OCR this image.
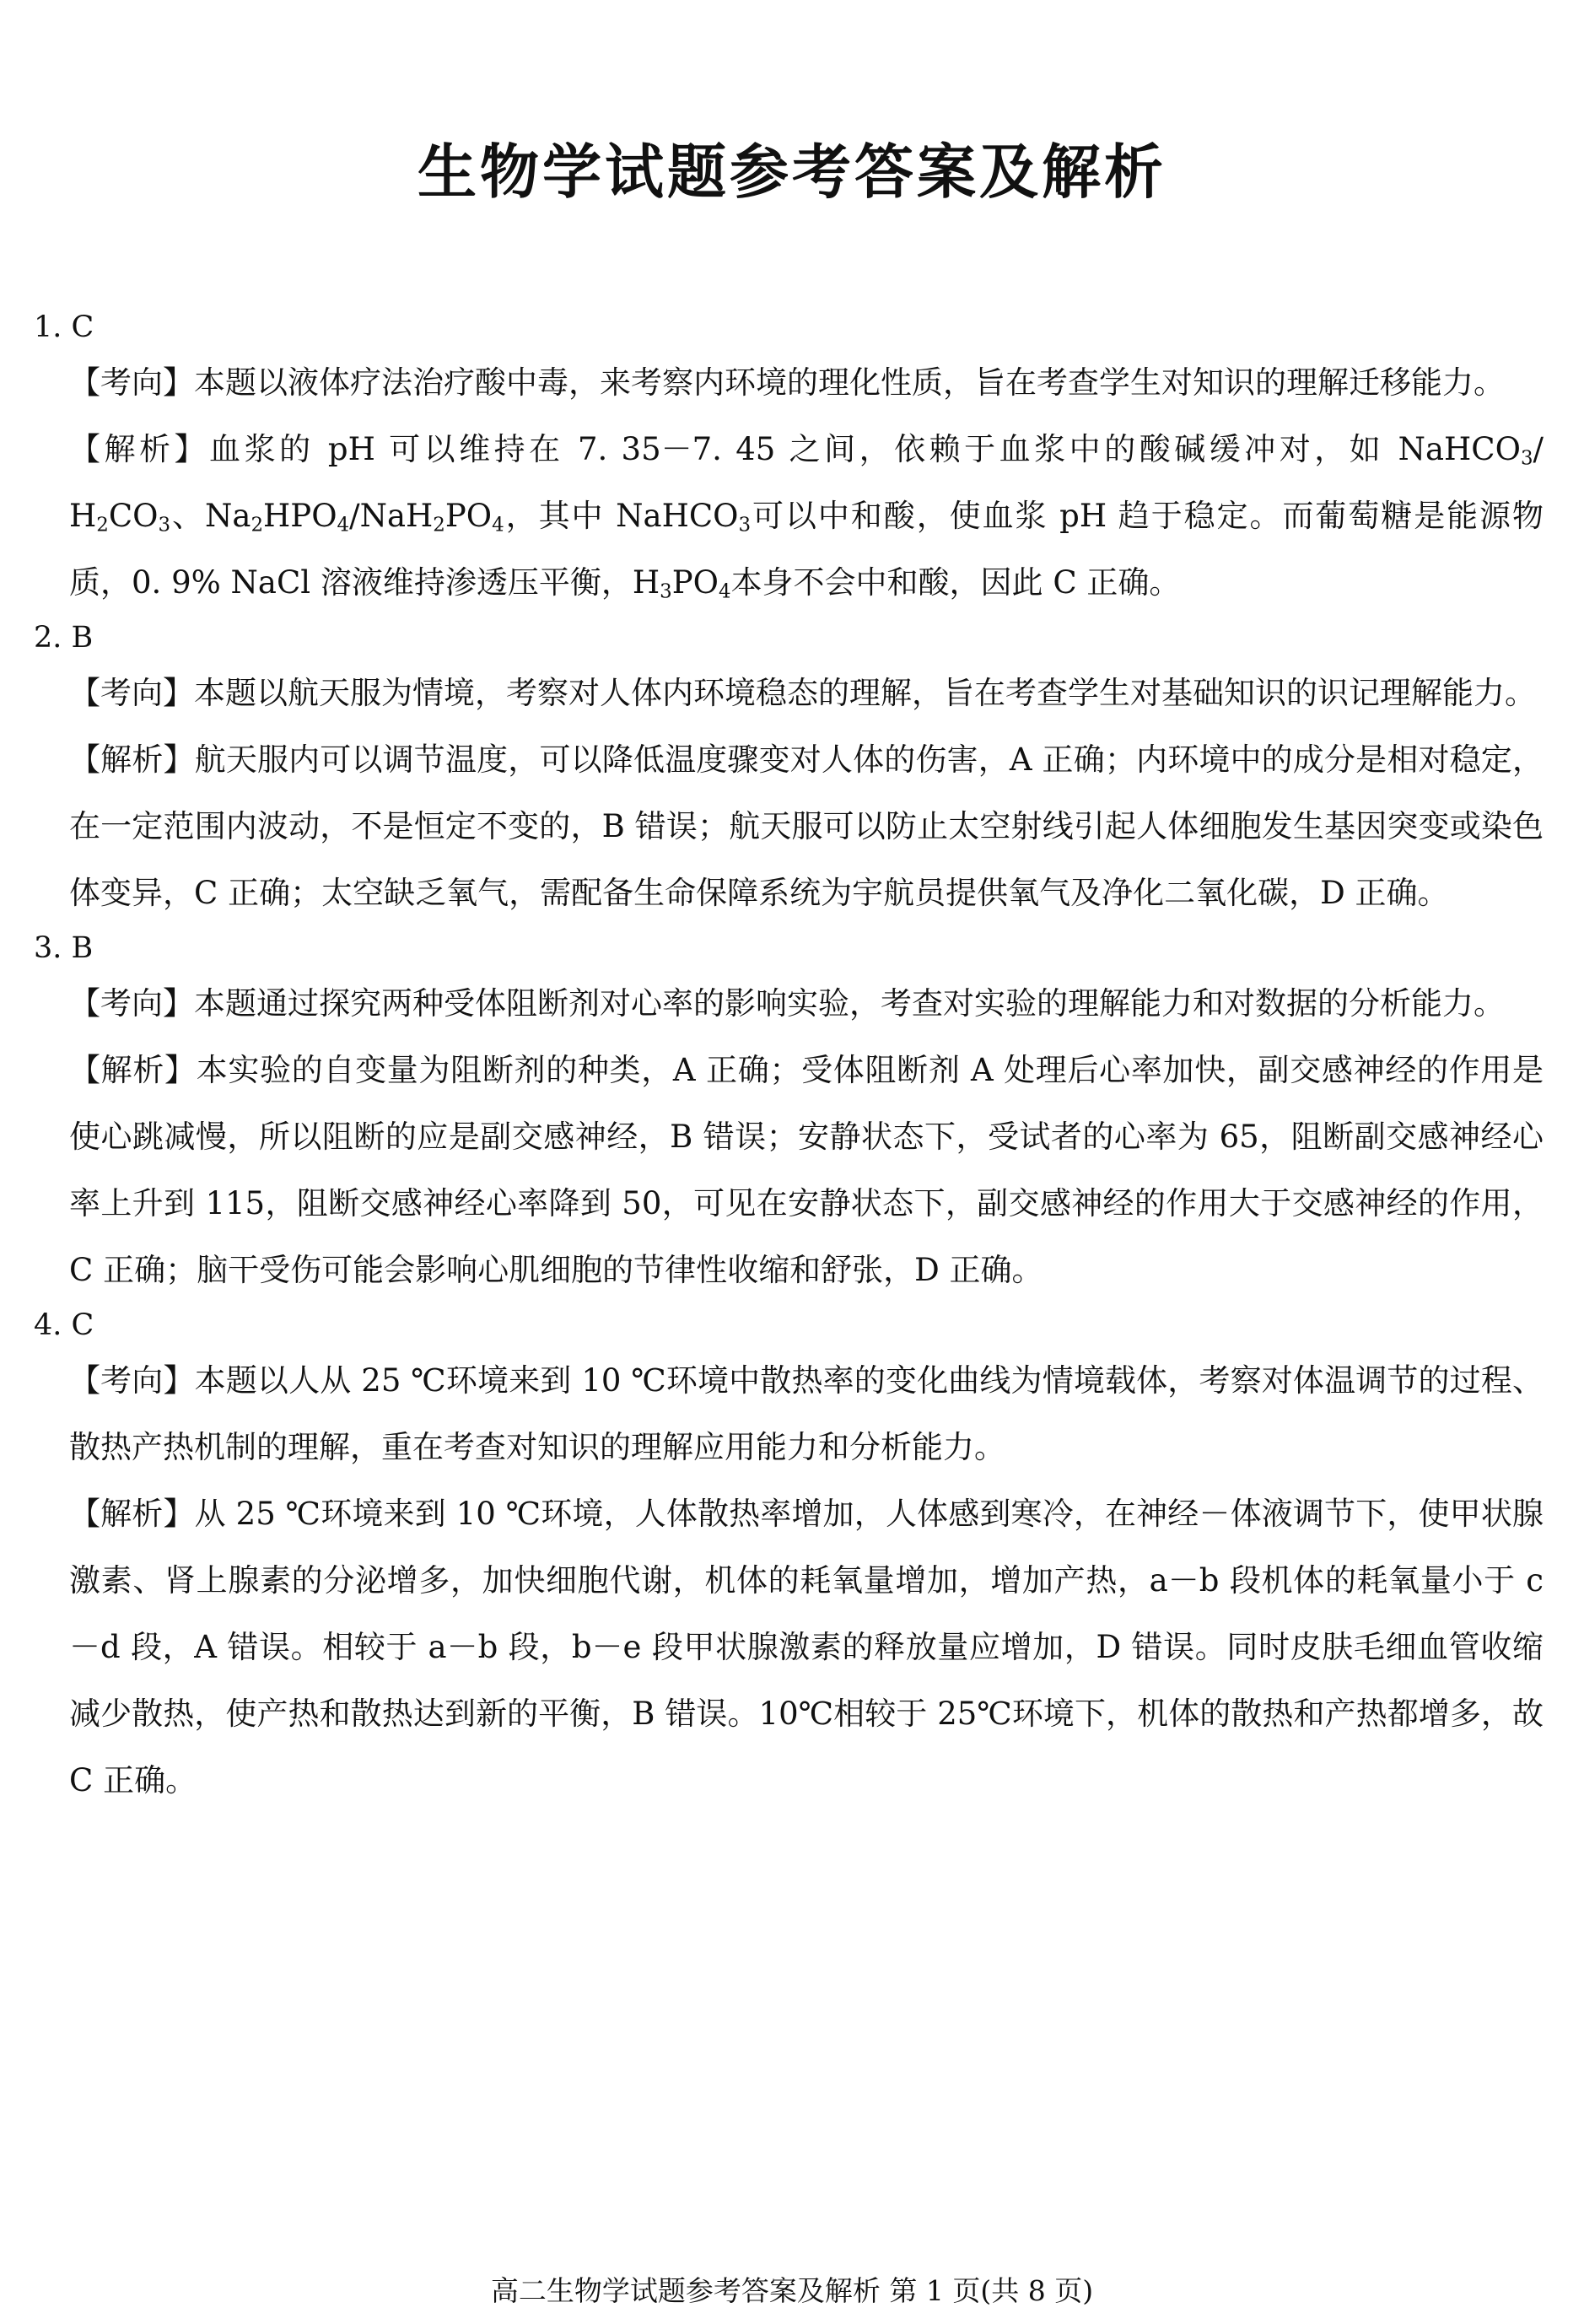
生物学试题参考答案及解析

1. C

【考向】本题以液体疗法治疗酸中毒，来考察内环境的理化性质，旨在考查学生对知识的理解迁移能力。

【解析】血浆的 pH 可以维持在 7. 35－7. 45 之间，依赖于血浆中的酸碱缓冲对，如 NaHCO$_3$/ $H_2CO_3$、$Na_2HPO_4/NaH_2PO_4$，其中 NaHCO$_3$可以中和酸，使血浆 pH 趋于稳定。而葡萄糖是能源物质，0. 9% NaCl 溶液维持渗透压平衡，$H_3PO_4$本身不会中和酸，因此 C 正确。

2. B

【考向】本题以航天服为情境，考察对人体内环境稳态的理解，旨在考查学生对基础知识的识记理解能力。

【解析】航天服内可以调节温度，可以降低温度骤变对人体的伤害，A 正确；内环境中的成分是相对稳定，在一定范围内波动，不是恒定不变的，B 错误；航天服可以防止太空射线引起人体细胞发生基因突变或染色体变异，C 正确；太空缺乏氧气，需配备生命保障系统为宇航员提供氧气及净化二氧化碳，D 正确。

3. B

【考向】本题通过探究两种受体阻断剂对心率的影响实验，考查对实验的理解能力和对数据的分析能力。

【解析】本实验的自变量为阻断剂的种类，A 正确；受体阻断剂 A 处理后心率加快，副交感神经的作用是使心跳减慢，所以阻断的应是副交感神经，B 错误；安静状态下，受试者的心率为 65，阻断副交感神经心率上升到 115，阻断交感神经心率降到 50，可见在安静状态下，副交感神经的作用大于交感神经的作用，C 正确；脑干受伤可能会影响心肌细胞的节律性收缩和舒张，D 正确。

4. C

【考向】本题以人从 25 ℃环境来到 10 ℃环境中散热率的变化曲线为情境载体，考察对体温调节的过程、散热产热机制的理解，重在考查对知识的理解应用能力和分析能力。

【解析】从 25 ℃环境来到 10 ℃环境，人体散热率增加，人体感到寒冷，在神经－体液调节下，使甲状腺激素、肾上腺素的分泌增多，加快细胞代谢，机体的耗氧量增加，增加产热，a－b 段机体的耗氧量小于 c－d 段，A 错误。相较于 a－b 段，b－e 段甲状腺激素的释放量应增加，D 错误。同时皮肤毛细血管收缩减少散热，使产热和散热达到新的平衡，B 错误。10℃相较于 25℃环境下，机体的散热和产热都增多，故 C 正确。

高二生物学试题参考答案及解析 第 1 页(共 8 页)
